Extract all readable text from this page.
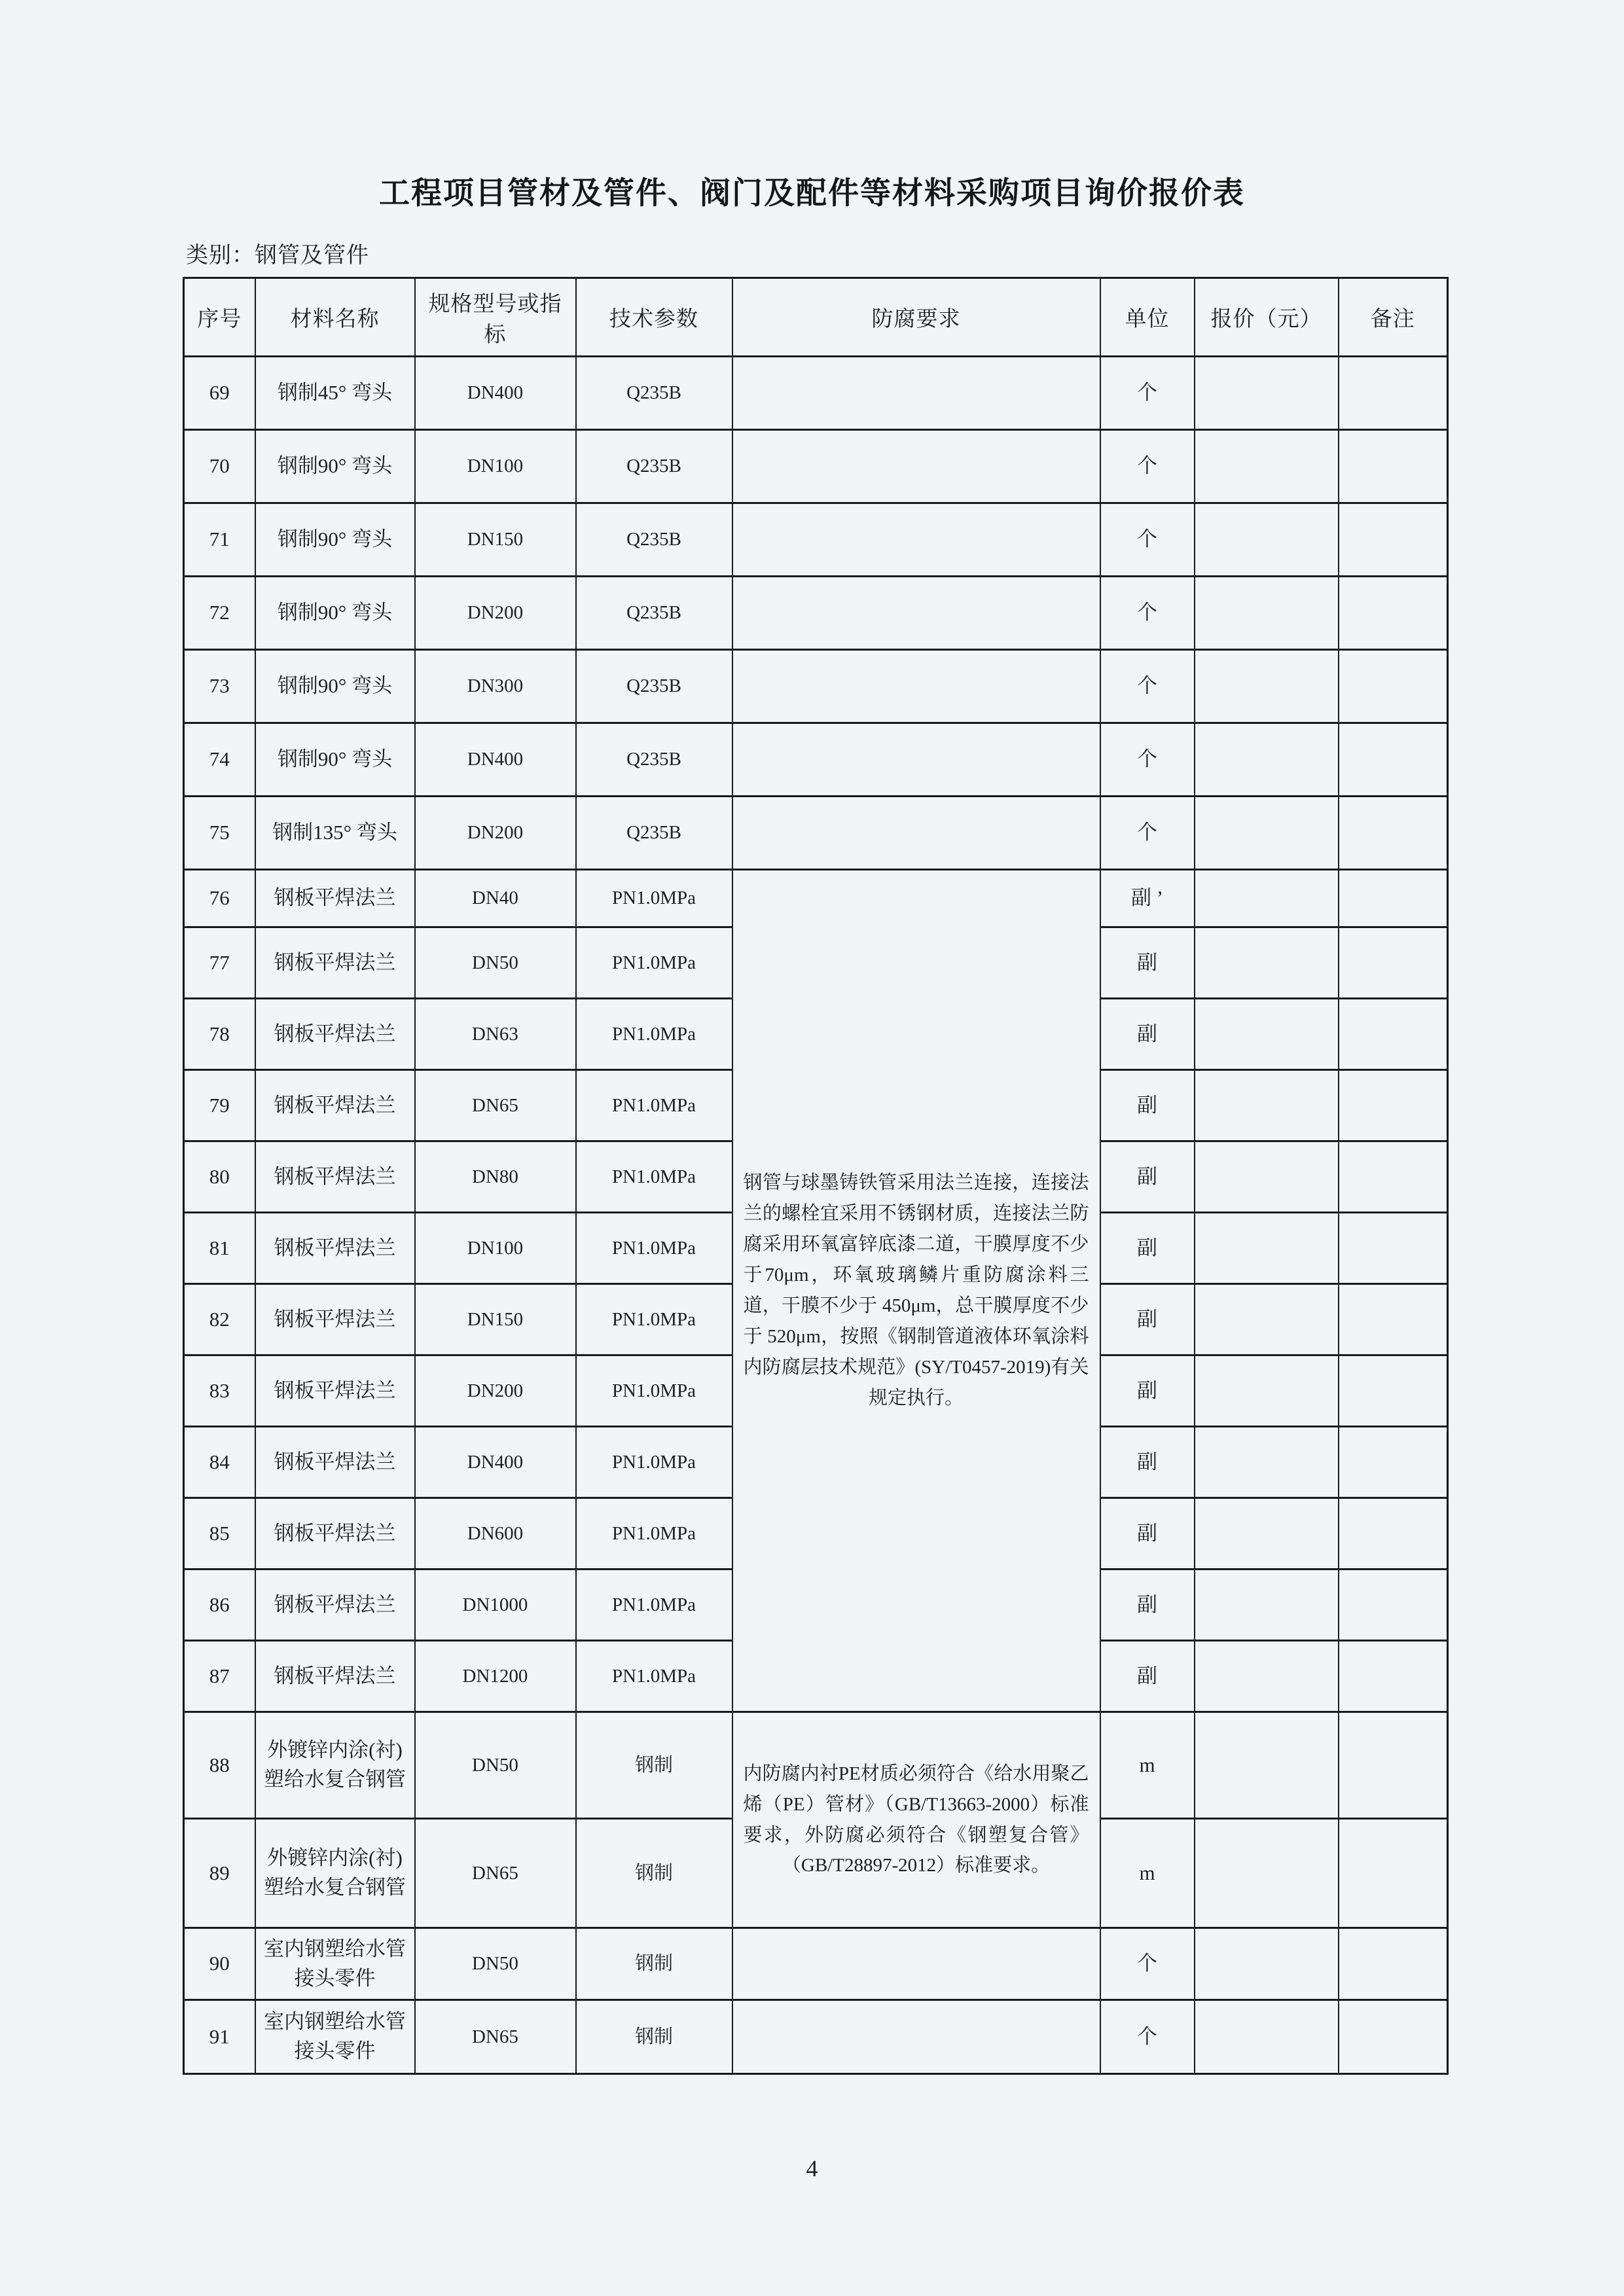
工程项目管材及管件、阀门及配件等材料采购项目询价报价表
类别：钢管及管件
序号	材料名称	规格型号或指标	技术参数	防腐要求	单位	报价（元）	备注
69	钢制45° 弯头	DN400	Q235B		个		
70	钢制90° 弯头	DN100	Q235B		个		
71	钢制90° 弯头	DN150	Q235B		个		
72	钢制90° 弯头	DN200	Q235B		个		
73	钢制90° 弯头	DN300	Q235B		个		
74	钢制90° 弯头	DN400	Q235B		个		
75	钢制135° 弯头	DN200	Q235B		个		
76	钢板平焊法兰	DN40	PN1.0MPa	钢管与球墨铸铁管采用法兰连接，连接法兰的螺栓宜采用不锈钢材质，连接法兰防腐采用环氧富锌底漆二道，干膜厚度不少于70μm，环氧玻璃鳞片重防腐涂料三道，干膜不少于 450μm，总干膜厚度不少于 520μm，按照《钢制管道液体环氧涂料内防腐层技术规范》(SY/T0457-2019)有关规定执行。	副 ’		
77	钢板平焊法兰	DN50	PN1.0MPa		副		
78	钢板平焊法兰	DN63	PN1.0MPa		副		
79	钢板平焊法兰	DN65	PN1.0MPa		副		
80	钢板平焊法兰	DN80	PN1.0MPa		副		
81	钢板平焊法兰	DN100	PN1.0MPa		副		
82	钢板平焊法兰	DN150	PN1.0MPa		副		
83	钢板平焊法兰	DN200	PN1.0MPa		副		
84	钢板平焊法兰	DN400	PN1.0MPa		副		
85	钢板平焊法兰	DN600	PN1.0MPa		副		
86	钢板平焊法兰	DN1000	PN1.0MPa		副		
87	钢板平焊法兰	DN1200	PN1.0MPa		副		
88	外镀锌内涂(衬)塑给水复合钢管	DN50	钢制	内防腐内衬PE材质必须符合《给水用聚乙烯（PE）管材》（GB/T13663-2000）标准要求，外防腐必须符合《钢塑复合管》（GB/T28897-2012）标准要求。	m		
89	外镀锌内涂(衬)塑给水复合钢管	DN65	钢制		m		
90	室内钢塑给水管接头零件	DN50	钢制		个		
91	室内钢塑给水管接头零件	DN65	钢制		个		
4
